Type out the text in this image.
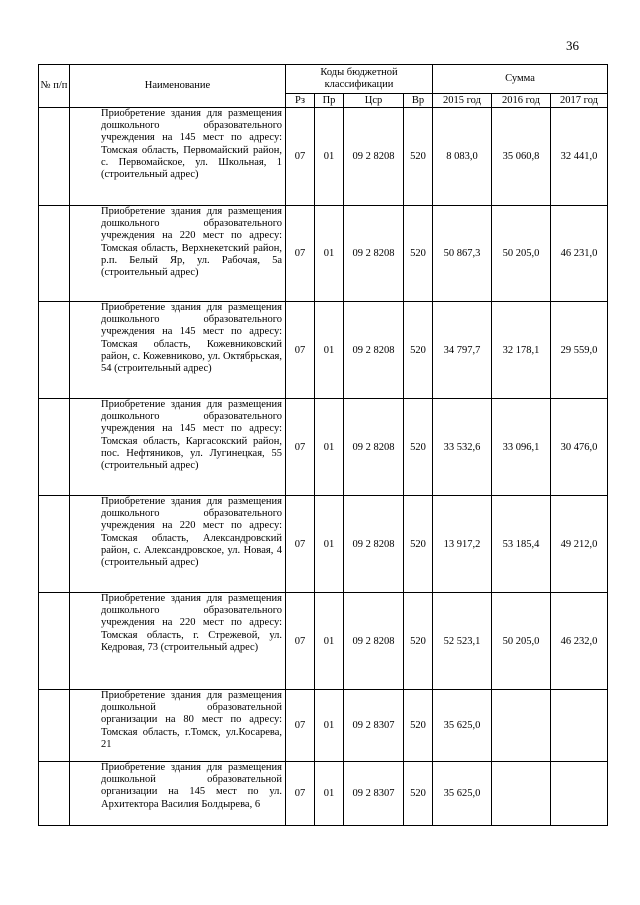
36
№ п/п	Наименование	Коды бюджетной классификации				Сумма		
		Рз	Пр	Цср	Вр	2015 год	2016 год	2017 год
	Приобретение здания для размещения дошкольного образовательного учреждения на 145 мест по адресу: Томская область, Первомайский район, с. Первомайское, ул. Школьная, 1 (строительный адрес)	07	01	09 2 8208	520	8 083,0	35 060,8	32 441,0
	Приобретение здания для размещения дошкольного образовательного учреждения на 220 мест по адресу: Томская область, Верхнекетский район, р.п. Белый Яр, ул. Рабочая, 5а (строительный адрес)	07	01	09 2 8208	520	50 867,3	50 205,0	46 231,0
	Приобретение здания для размещения дошкольного образовательного учреждения на 145 мест по адресу: Томская область, Кожевниковский район, с. Кожевниково, ул. Октябрьская, 54 (строительный адрес)	07	01	09 2 8208	520	34 797,7	32 178,1	29 559,0
	Приобретение здания для размещения дошкольного образовательного учреждения на 145 мест по адресу: Томская область, Каргасокский район, пос. Нефтяников, ул. Лугинецкая, 55 (строительный адрес)	07	01	09 2 8208	520	33 532,6	33 096,1	30 476,0
	Приобретение здания для размещения дошкольного образовательного учреждения на 220 мест по адресу: Томская область, Александровский район, с. Александровское, ул. Новая, 4 (строительный адрес)	07	01	09 2 8208	520	13 917,2	53 185,4	49 212,0
	Приобретение здания для размещения дошкольного образовательного учреждения на 220 мест по адресу: Томская область, г. Стрежевой, ул. Кедровая, 73 (строительный адрес)	07	01	09 2 8208	520	52 523,1	50 205,0	46 232,0
	Приобретение здания для размещения дошкольной образовательной организации на 80 мест по адресу: Томская область, г.Томск, ул.Косарева, 21	07	01	09 2 8307	520	35 625,0		
	Приобретение здания для размещения дошкольной образовательной организации на 145 мест по ул. Архитектора Василия Болдырева, 6	07	01	09 2 8307	520	35 625,0		
